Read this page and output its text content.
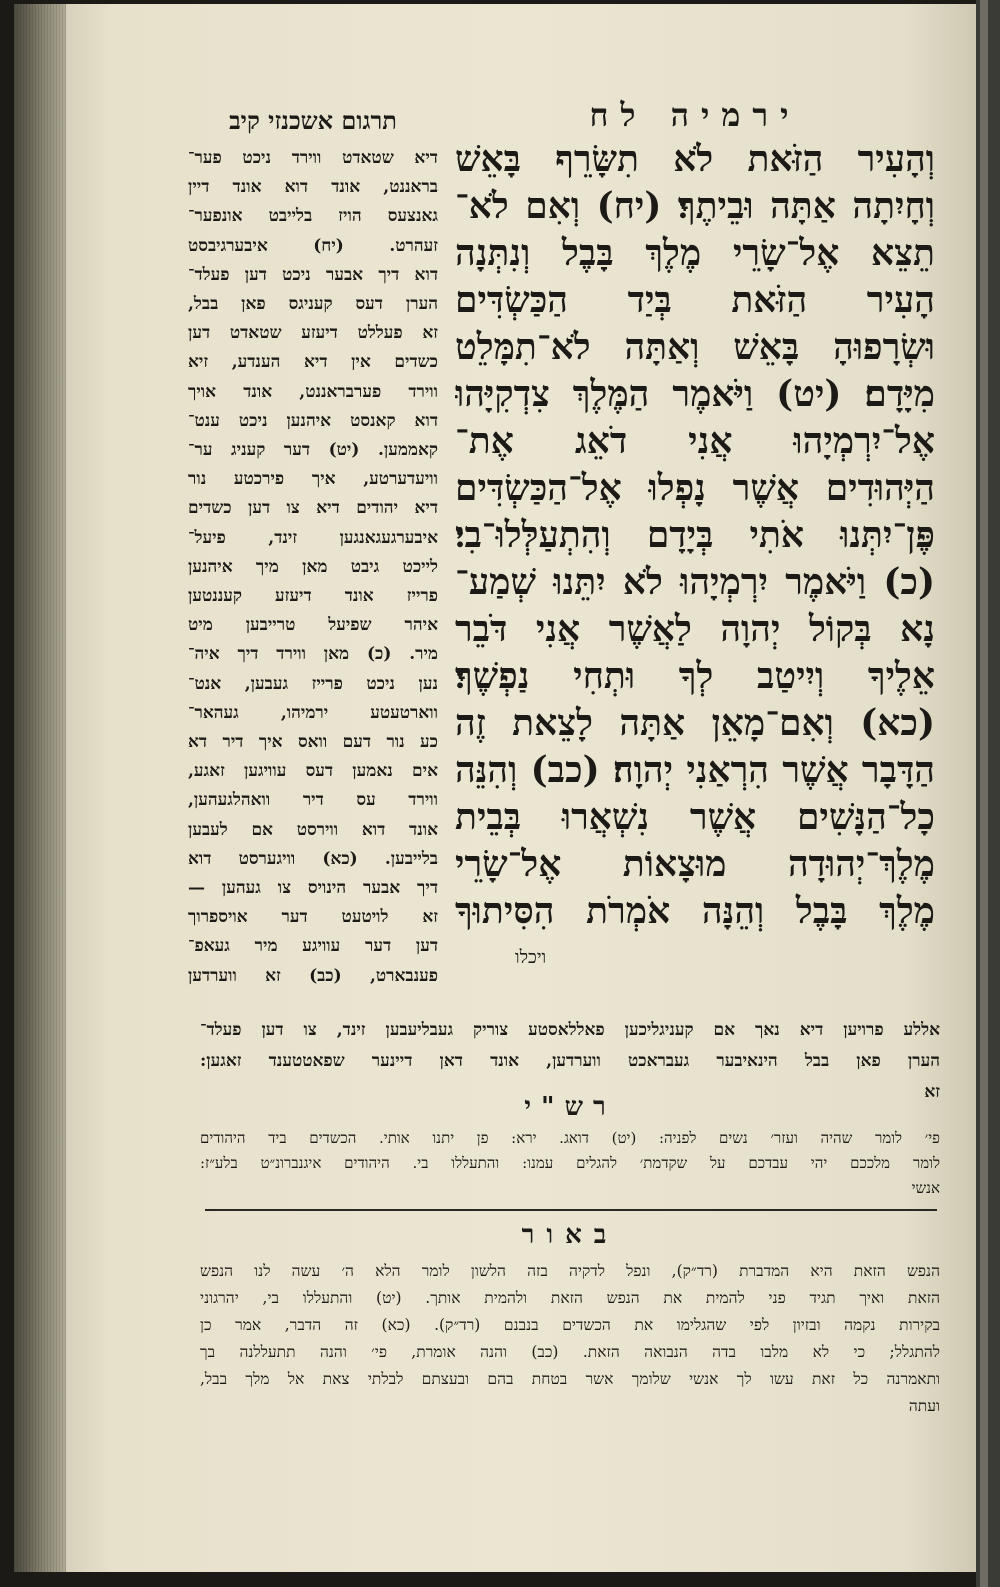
ירמיה לח
וְהָעִיר הַזֹּאת לֹא תִשָּׂרֵף בָּאֵשׁ
וְחָיִתָה אַתָּה וּבֵיתֶךָ׃ (יח) וְאִם לֹא־
תֵצֵא אֶל־שָׂרֵי מֶלֶךְ בָּבֶל וְנִתְּנָה
הָעִיר הַזֹּאת בְּיַד הַכַּשְׂדִּים
וּשְׂרָפוּהָ בָּאֵשׁ וְאַתָּה לֹא־תִמָּלֵט
מִיָּדָם׃ (יט) וַיֹּאמֶר הַמֶּלֶךְ צִדְקִיָּהוּ
אֶל־יִרְמְיָהוּ אֲנִי דֹאֵג אֶת־
הַיְּהוּדִים אֲשֶׁר נָפְלוּ אֶל־הַכַּשְׂדִּים
פֶּן־יִתְּנוּ אֹתִי בְּיָדָם וְהִתְעַלְּלוּ־בִי׃
(כ) וַיֹּאמֶר יִרְמְיָהוּ לֹא יִתֵּנוּ שְׁמַע־
נָא בְּקוֹל יְהוָה לַאֲשֶׁר אֲנִי דֹּבֵר
אֵלֶיךָ וְיִיטַב לְךָ וּתְחִי נַפְשֶׁךָ׃
(כא) וְאִם־מָאֵן אַתָּה לָצֵאת זֶה
הַדָּבָר אֲשֶׁר הִרְאַנִי יְהוָה׃ (כב) וְהִנֵּה
כָל־הַנָּשִׁים אֲשֶׁר נִשְׁאֲרוּ בְּבֵית
מֶלֶךְ־יְהוּדָה מוּצָאוֹת אֶל־שָׂרֵי
מֶלֶךְ בָּבֶל וְהֵנָּה אֹמְרֹת הִסִּיתוּךָ
ויכלו
תרגום אשכנזי קיב
דיא שטאדט ווירד ניכט פער־
בראננט, אונד דוא אונד דיין
גאנצעס הויז בלייבט אונפער־
זעהרט. (יח) איבערגיבסט
דוא דיך אבער ניכט דען פעלד־
הערן דעס קעניגס פאן בבל,
זא פעללט דיעזע שטאדט דען
כשדים אין דיא הענדע, זיא
ווירד פערבראננט, אונד אויך
דוא קאנסט איהנען ניכט ענט־
קאממען. (יט) דער קעניג ער־
וויעדערטע, איך פירכטע נור
דיא יהודים דיא צו דען כשדים
איבערגעגאנגען זינד, פיעל־
לייכט גיבט מאן מיך איהנען
פרייז אונד דיעזע קעננטען
איהר שפיעל טרייבען מיט
מיר. (כ) מאן ווירד דיך איה־
נען ניכט פרייז געבען, אנט־
ווארטעטע ירמיהו, געהאר־
כע נור דעם וואס איך דיר דא
אים נאמען דעס עוויגען זאגע,
ווירד עס דיר וואהלגעהען,
אונד דוא ווירסט אם לעבען
בלייבען. (כא) וויגערסט דוא
דיך אבער הינויס צו געהען —
זא לויטעט דער אויספרוך
דען דער עוויגע מיר געאפ־
פענבארט, (כב) זא ווערדען
אללע פרויען דיא נאך אם קעניגליכען פאללאסטע צוריק געבליעבען זינד, צו דען פעלד־
הערן פאן בבל הינאיבער געבראכט ווערדען, אונד דאן דיינער שפאטטענד זאגען:
זא
רש"י
פי׳ לומר שהיה ועזר׳ נשים לפניה: (יט) דואג. ירא: פן יתנו אותי. הכשדים ביד היהודים
לומר מלככם יהי עבדכם על שקדמת׳ להגלים עמנו: והתעללו בי. היהודים איגנברונ״ט בלע״ז:
אנשי
באור
הנפש הזאת היא המדברת (רד״ק), ונפל לדקיה בזה הלשון לומר הלא ה׳ עשה לנו הנפש
הזאת ואיך תגיד פני להמית את הנפש הזאת ולהמית אותך. (יט) והתעללו בי, יהרגוני
בקירות נקמה ובזיון לפי שהגלימו את הכשדים בנבנם (רד״ק). (כא) זה הדבר, אמר כן
להתגלל; כי לא מלבו בדה הנבואה הזאת. (כב) והנה אומרת, פי׳ והנה תתעללנה בך
ותאמרנה כל זאת עשו לך אנשי שלומך אשר בטחת בהם ובעצתם לבלתי צאת אל מלך בבל,
ועתה
